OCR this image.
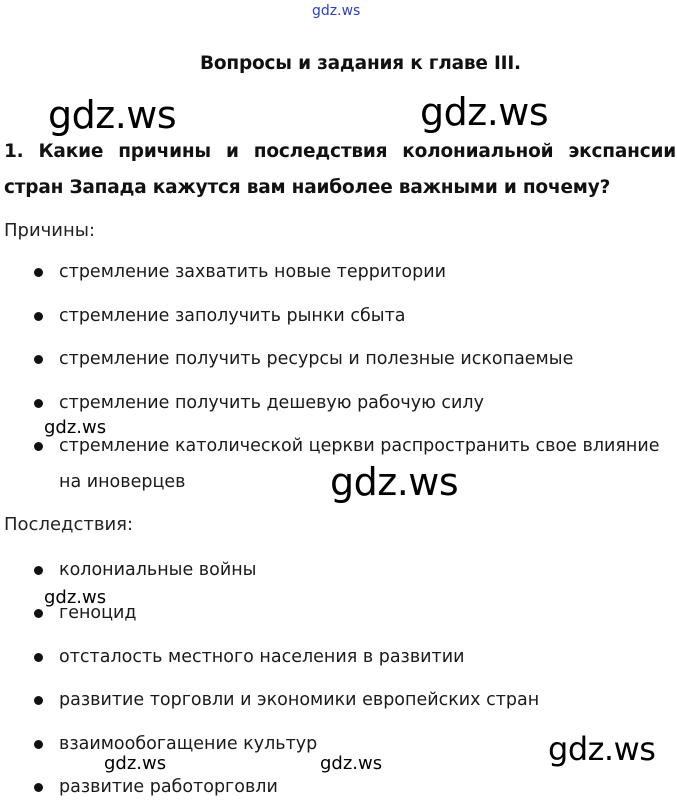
gdz.ws
Вопросы и задания к главе III.
gdz.ws	gdz.ws
1. Какие причины и последствия колониальной экспансии
стран Запада кажутся вам наиболее важными и почему?
Причины:
стремление захватить новые территории
стремление заполучить рынки сбыта
стремление получить ресурсы и полезные ископаемые
стремление получить дешевую рабочую силу
gdz.ws
стремление католической церкви распространить свое влияние
на иноверцев	gdz.ws
Последствия:
колониальные войны
gdz.ws
геноцид
отсталость местного населения в развитии
развитие торговли и экономики европейских стран
взаимообогащение культур	gdz.ws
gdz.ws	gdz.ws
развитие работорговли
